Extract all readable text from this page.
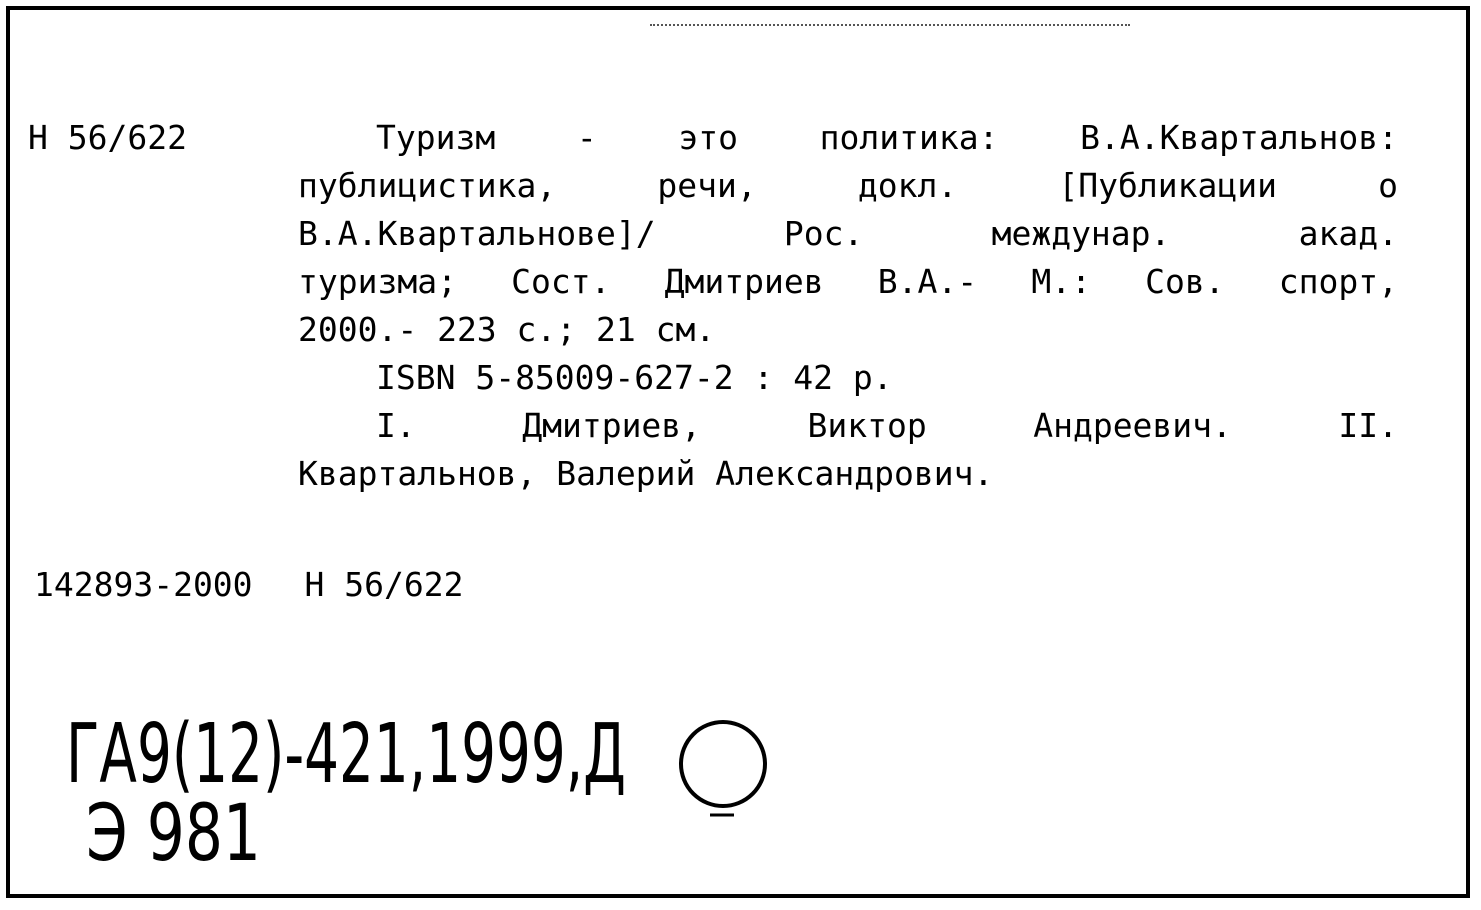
Н 56/622	Туризм - это политика: В.А.Квартальнов:
публицистика, речи, докл. [Публикации о
В.А.Квартальнове]/ Рос. междунар. акад.
туризма; Сост. Дмитриев В.А.- М.: Сов. спорт,
2000.- 223 с.; 21 см.
ISBN 5-85009-627-2 : 42 р.
I. Дмитриев, Виктор Андреевич. II.
Квартальнов, Валерий Александрович.
142893-2000 Н 56/622
ГА9(12)-421,1999,Д
Э 981
